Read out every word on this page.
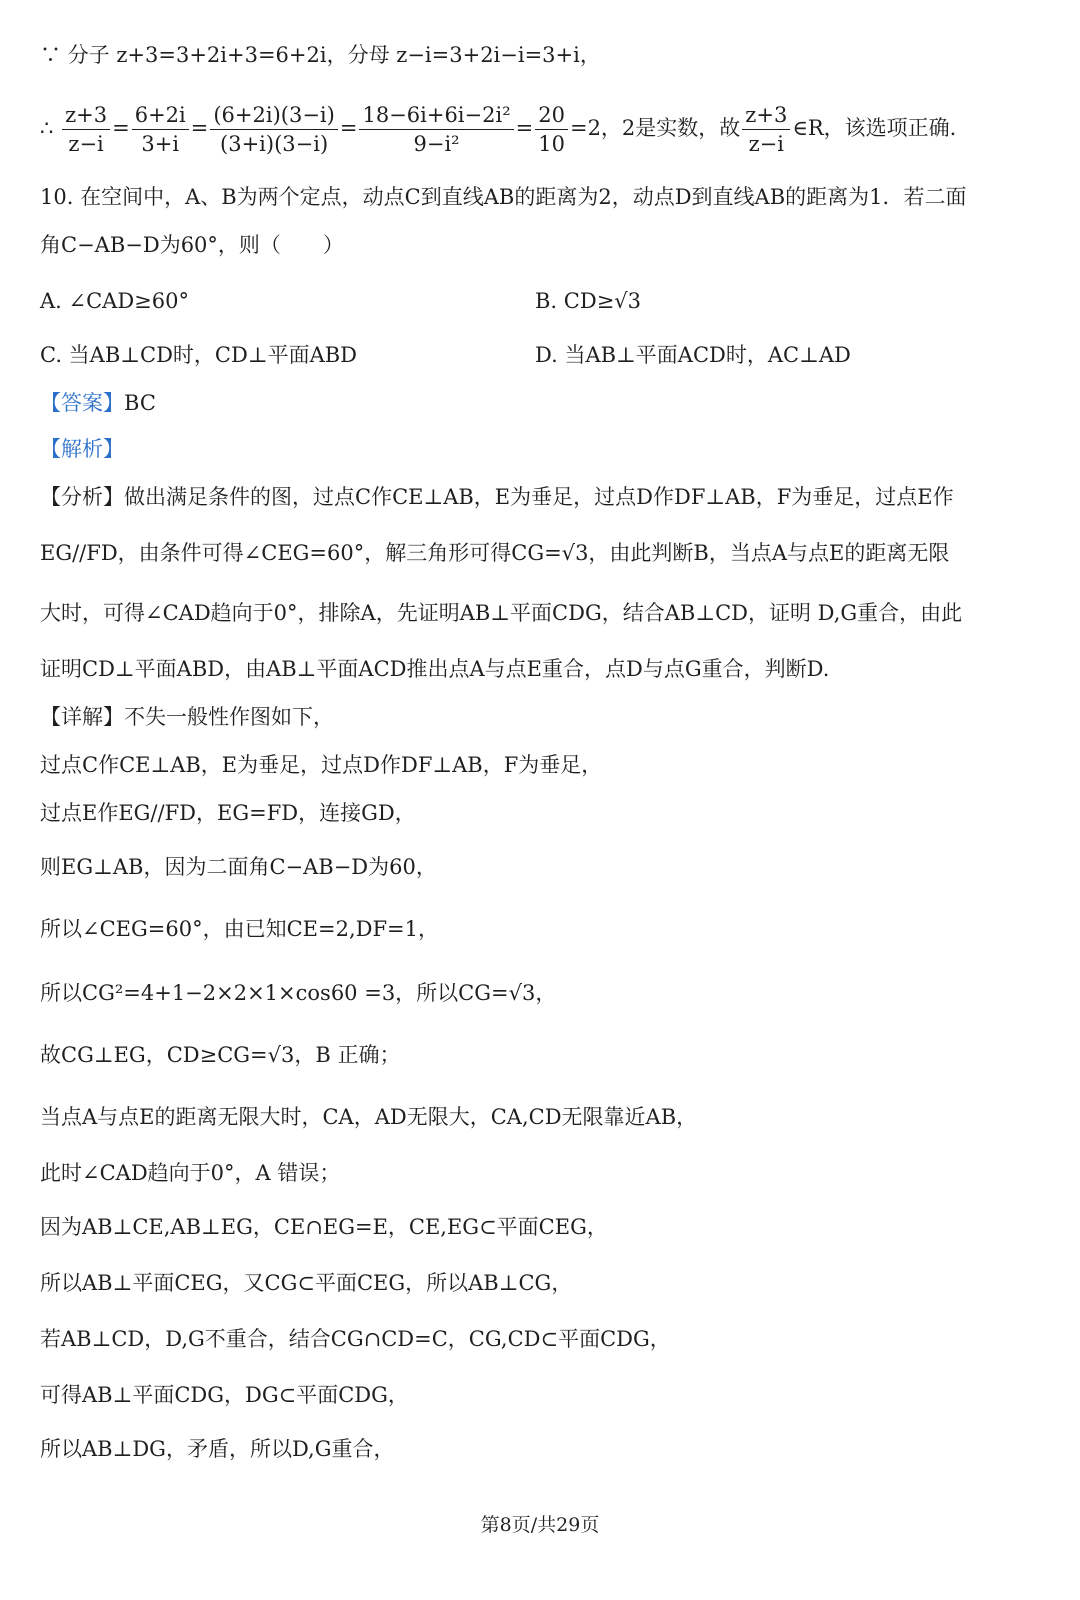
∵ 分子 z+3=3+2i+3=6+2i，分母 z−i=3+2i−i=3+i，
∴ $\frac{z+3}{z-i} = \frac{6+2i}{3+i} = \frac{(6+2i)(3-i)}{(3+i)(3-i)} = \frac{\text{18−6i+6i−2i²}}{\text{9−i²}} = \frac{20}{10} =2$，2是实数，故 $\frac{z+3}{z-i}$ ∈R，该选项正确.
10. 在空间中，A、B为两个定点，动点C到直线AB的距离为2，动点D到直线AB的距离为1．若二面
角C−AB−D为60°，则（　　）
A. ∠CAD≥60°	B. CD≥√3
C. 当AB⊥CD时，CD⊥平面ABD	D. 当AB⊥平面ACD时，AC⊥AD
【答案】BC
【解析】
【分析】做出满足条件的图，过点C作CE⊥AB，E为垂足，过点D作DF⊥AB，F为垂足，过点E作
EG//FD，由条件可得∠CEG=60°，解三角形可得CG=√3，由此判断B，当点A与点E的距离无限
大时，可得∠CAD趋向于0°，排除A，先证明AB⊥平面CDG，结合AB⊥CD，证明 D,G重合，由此
证明CD⊥平面ABD，由AB⊥平面ACD推出点A与点E重合，点D与点G重合，判断D.
【详解】不失一般性作图如下，
过点C作CE⊥AB，E为垂足，过点D作DF⊥AB，F为垂足，
过点E作EG//FD，EG=FD，连接GD，
则EG⊥AB，因为二面角C−AB−D为60，
所以∠CEG=60°，由已知CE=2,DF=1，
所以CG²=4+1−2×2×1×cos60 =3，所以CG=√3，
故CG⊥EG，CD≥CG=√3，B 正确；
当点A与点E的距离无限大时，CA，AD无限大，CA,CD无限靠近AB，
此时∠CAD趋向于0°，A 错误；
因为AB⊥CE,AB⊥EG，CE∩EG=E，CE,EG⊂平面CEG，
所以AB⊥平面CEG，又CG⊂平面CEG，所以AB⊥CG，
若AB⊥CD，D,G不重合，结合CG∩CD=C，CG,CD⊂平面CDG，
可得AB⊥平面CDG，DG⊂平面CDG，
所以AB⊥DG，矛盾，所以D,G重合，
第8页/共29页
